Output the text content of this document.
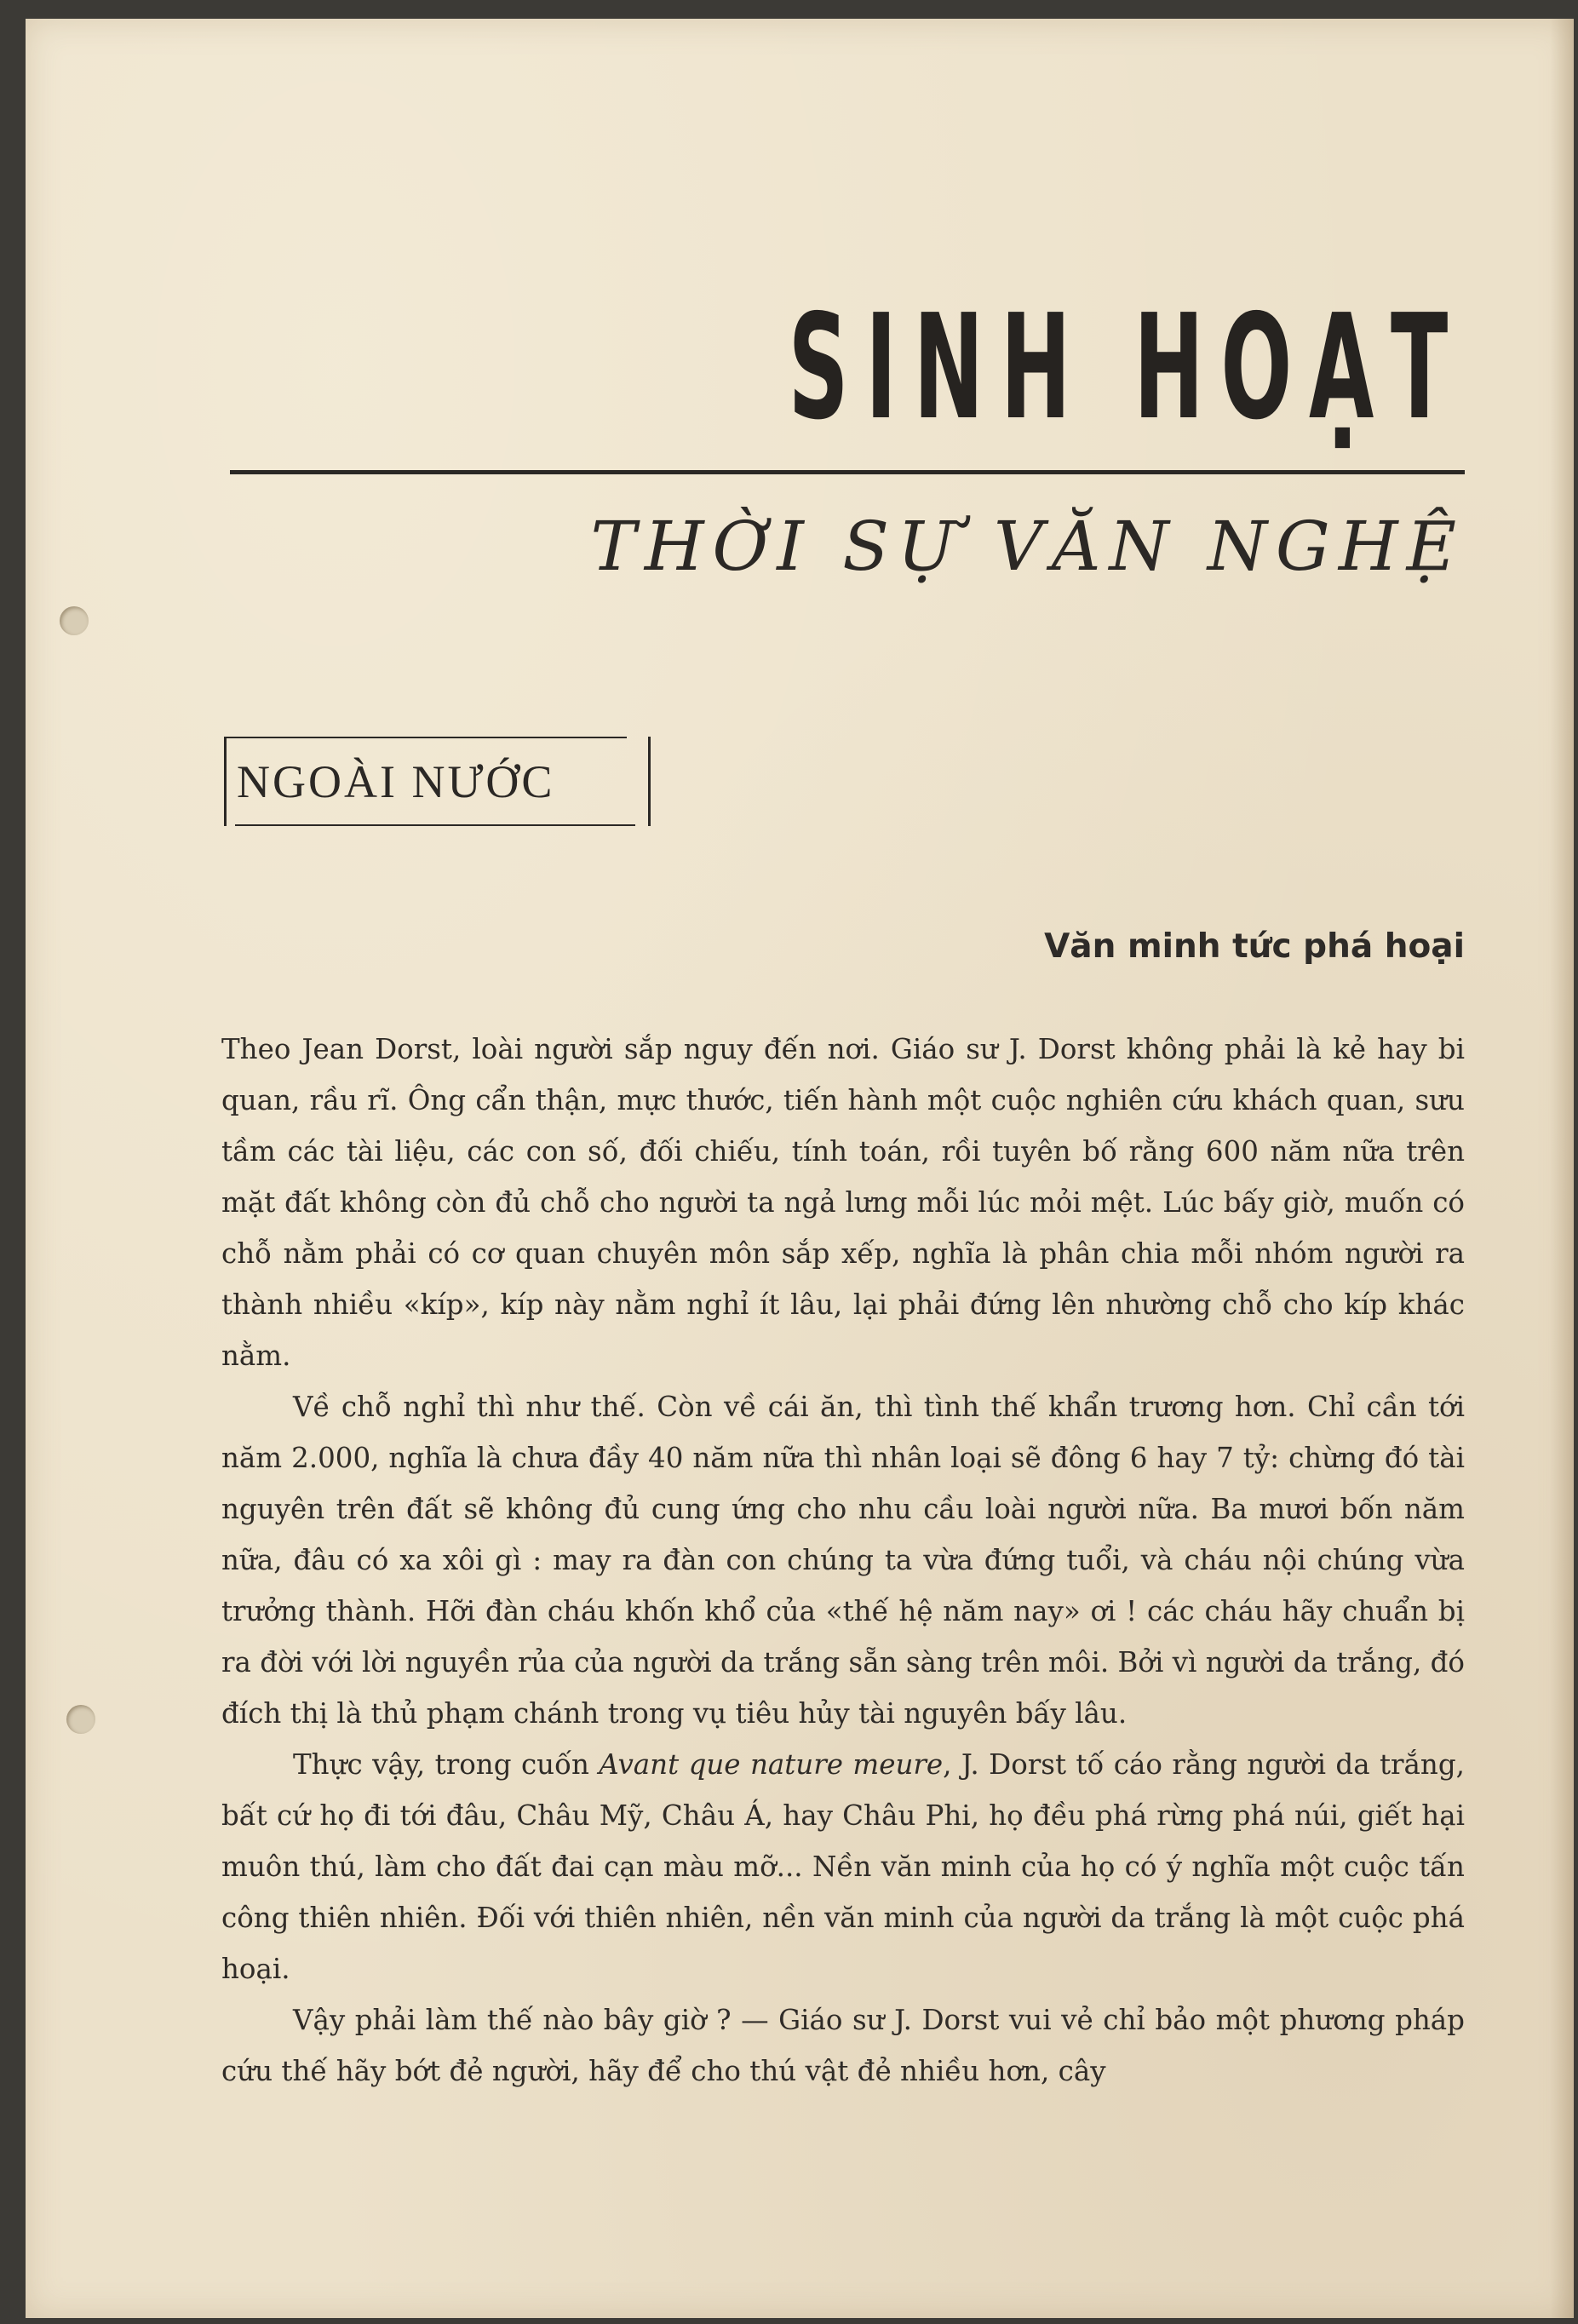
SINH HOẠT
THỜI SỰ VĂN NGHỆ
NGOÀI NƯỚC
Văn minh tức phá hoại

Theo Jean Dorst, loài người sắp nguy đến nơi. Giáo sư J. Dorst không phải là kẻ hay bi quan, rầu rĩ. Ông cẩn thận, mực thước, tiến hành một cuộc nghiên cứu khách quan, sưu tầm các tài liệu, các con số, đối chiếu, tính toán, rồi tuyên bố rằng 600 năm nữa trên mặt đất không còn đủ chỗ cho người ta ngả lưng mỗi lúc mỏi mệt. Lúc bấy giờ, muốn có chỗ nằm phải có cơ quan chuyên môn sắp xếp, nghĩa là phân chia mỗi nhóm người ra thành nhiều «kíp», kíp này nằm nghỉ ít lâu, lại phải đứng lên nhường chỗ cho kíp khác nằm.

Về chỗ nghỉ thì như thế. Còn về cái ăn, thì tình thế khẩn trương hơn. Chỉ cần tới năm 2.000, nghĩa là chưa đầy 40 năm nữa thì nhân loại sẽ đông 6 hay 7 tỷ: chừng đó tài nguyên trên đất sẽ không đủ cung ứng cho nhu cầu loài người nữa. Ba mươi bốn năm nữa, đâu có xa xôi gì : may ra đàn con chúng ta vừa đứng tuổi, và cháu nội chúng vừa trưởng thành. Hỡi đàn cháu khốn khổ của «thế hệ năm nay» ơi ! các cháu hãy chuẩn bị ra đời với lời nguyền rủa của người da trắng sẵn sàng trên môi. Bởi vì người da trắng, đó đích thị là thủ phạm chánh trong vụ tiêu hủy tài nguyên bấy lâu.

Thực vậy, trong cuốn Avant que nature meure, J. Dorst tố cáo rằng người da trắng, bất cứ họ đi tới đâu, Châu Mỹ, Châu Á, hay Châu Phi, họ đều phá rừng phá núi, giết hại muôn thú, làm cho đất đai cạn màu mỡ... Nền văn minh của họ có ý nghĩa một cuộc tấn công thiên nhiên. Đối với thiên nhiên, nền văn minh của người da trắng là một cuộc phá hoại.

Vậy phải làm thế nào bây giờ ? — Giáo sư J. Dorst vui vẻ chỉ bảo một phương pháp cứu thế hãy bớt đẻ người, hãy để cho thú vật đẻ nhiều hơn, cây
